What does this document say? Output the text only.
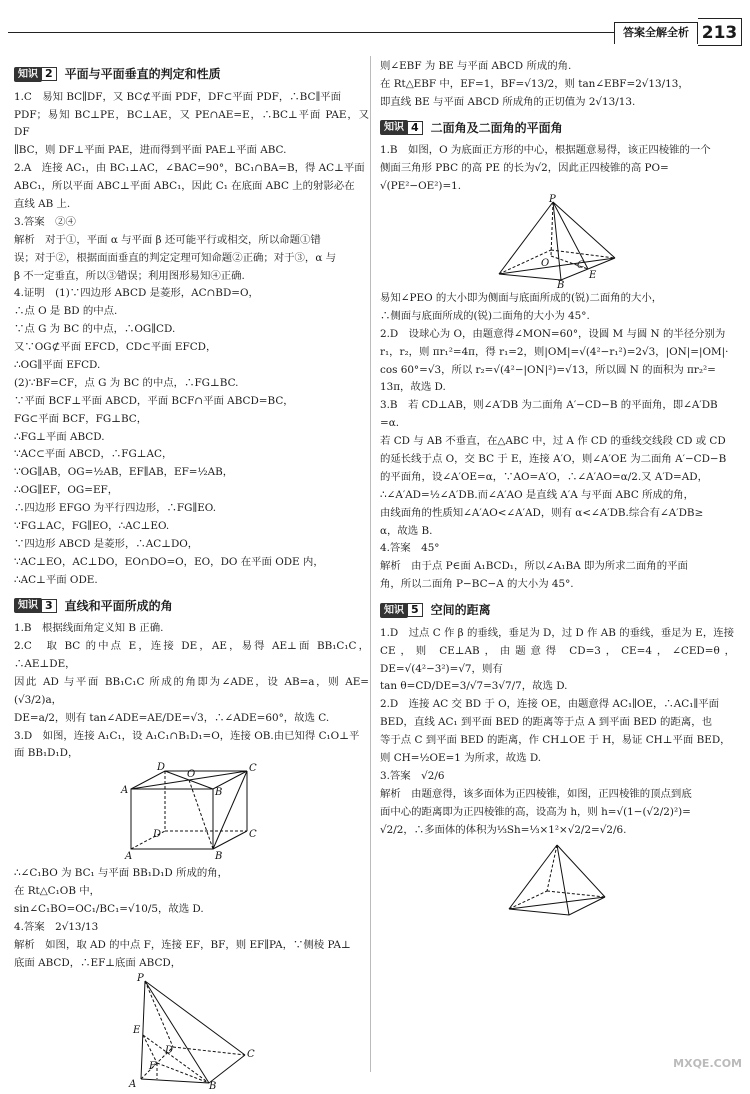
答案全解全析 213
知识 2	平面与平面垂直的判定和性质

1.C　易知 BC∥DF，又 BC⊄平面 PDF，DF⊂平面 PDF，∴BC∥平面

PDF；易知 BC⊥PE，BC⊥AE，又 PE∩AE=E，∴BC⊥平面 PAE，又 DF

∥BC，则 DF⊥平面 PAE，进而得到平面 PAE⊥平面 ABC.

2.A　连接 AC₁，由 BC₁⊥AC，∠BAC=90°，BC₁∩BA=B，得 AC⊥平面

ABC₁，所以平面 ABC⊥平面 ABC₁，因此 C₁ 在底面 ABC 上的射影必在

直线 AB 上.

3.答案　②④

解析　对于①，平面 α 与平面 β 还可能平行或相交，所以命题①错

误；对于②，根据面面垂直的判定定理可知命题②正确；对于③，α 与

β 不一定垂直，所以③错误；利用图形易知④正确.

4.证明　(1)∵四边形 ABCD 是菱形，AC∩BD=O，

∴点 O 是 BD 的中点.

∵点 G 为 BC 的中点，∴OG∥CD.

又∵OG⊄平面 EFCD，CD⊂平面 EFCD，

∴OG∥平面 EFCD.

(2)∵BF=CF，点 G 为 BC 的中点，∴FG⊥BC.

∵平面 BCF⊥平面 ABCD，平面 BCF∩平面 ABCD=BC，

FG⊂平面 BCF，FG⊥BC，

∴FG⊥平面 ABCD.

∵AC⊂平面 ABCD，∴FG⊥AC，

∵OG∥AB，OG=½AB，EF∥AB，EF=½AB，

∴OG∥EF，OG=EF，

∴四边形 EFGO 为平行四边形，∴FG∥EO.

∵FG⊥AC，FG∥EO，∴AC⊥EO.

∵四边形 ABCD 是菱形，∴AC⊥DO，

∵AC⊥EO，AC⊥DO，EO∩DO=O，EO，DO 在平面 ODE 内，

∴AC⊥平面 ODE.

知识 3	直线和平面所成的角

1.B　根据线面角定义知 B 正确.

2.C　取 BC 的中点 E，连接 DE，AE，易得 AE⊥面 BB₁C₁C，∴AE⊥DE，

因此 AD 与平面 BB₁C₁C 所成的角即为∠ADE，设 AB=a，则 AE=(√3/2)a，

DE=a/2，则有 tan∠ADE=AE/DE=√3，∴∠ADE=60°，故选 C.

3.D　如图，连接 A₁C₁，设 A₁C₁∩B₁D₁=O，连接 OB.由已知得 C₁O⊥平

面 BB₁D₁D，

D	C
A	B
O
A	B
D	C

∴∠C₁BO 为 BC₁ 与平面 BB₁D₁D 所成的角，

在 Rt△C₁OB 中，

sin∠C₁BO=OC₁/BC₁=√10/5，故选 D.

4.答案　2√13/13

解析　如图，取 AD 的中点 F，连接 EF，BF，则 EF∥PA，∵侧棱 PA⊥

底面 ABCD，∴EF⊥底面 ABCD，

P
E
F
D	C
A	B

则∠EBF 为 BE 与平面 ABCD 所成的角.

在 Rt△EBF 中，EF=1，BF=√13/2，则 tan∠EBF=2√13/13，

即直线 BE 与平面 ABCD 所成角的正切值为 2√13/13.

知识 4	二面角及二面角的平面角

1.B　如图，O 为底面正方形的中心，根据题意易得，该正四棱锥的一个

侧面三角形 PBC 的高 PE 的长为√2，因此正四棱锥的高 PO=

√(PE²−OE²)=1.

P
O
E
C
B

易知∠PEO 的大小即为侧面与底面所成的(锐)二面角的大小，

∴侧面与底面所成的(锐)二面角的大小为 45°.

2.D　设球心为 O，由题意得∠MON=60°，设圆 M 与圆 N 的半径分别为

r₁，r₂，则 πr₁²=4π，得 r₁=2，则|OM|=√(4²−r₁²)=2√3，|ON|=|OM|·

cos 60°=√3，所以 r₂=√(4²−|ON|²)=√13，所以圆 N 的面积为 πr₂²=

13π，故选 D.

3.B　若 CD⊥AB，则∠A′DB 为二面角 A′−CD−B 的平面角，即∠A′DB

=α.

若 CD 与 AB 不垂直，在△ABC 中，过 A 作 CD 的垂线交线段 CD 或 CD

的延长线于点 O，交 BC 于 E，连接 A′O，则∠A′OE 为二面角 A′−CD−B

的平面角，设∠A′OE=α，∵AO=A′O，∴∠A′AO=α/2.又 A′D=AD，

∴∠A′AD=½∠A′DB.而∠A′AO 是直线 A′A 与平面 ABC 所成的角，

由线面角的性质知∠A′AO<∠A′AD，则有 α<∠A′DB.综合有∠A′DB≥

α，故选 B.

4.答案　45°

解析　由于点 P∈面 A₁BCD₁，所以∠A₁BA 即为所求二面角的平面

角，所以二面角 P−BC−A 的大小为 45°.

知识 5	空间的距离

1.D　过点 C 作 β 的垂线，垂足为 D，过 D 作 AB 的垂线，垂足为 E，连接

CE，则 CE⊥AB，由题意得 CD=3，CE=4，∠CED=θ，DE=√(4²−3²)=√7，则有

tan θ=CD/DE=3/√7=3√7/7，故选 D.

2.D　连接 AC 交 BD 于 O，连接 OE，由题意得 AC₁∥OE，∴AC₁∥平面

BED，直线 AC₁ 到平面 BED 的距离等于点 A 到平面 BED 的距离，也

等于点 C 到平面 BED 的距离，作 CH⊥OE 于 H，易证 CH⊥平面 BED，

则 CH=½OE=1 为所求，故选 D.

3.答案　√2/6

解析　由题意得，该多面体为正四棱锥，如图，正四棱锥的顶点到底

面中心的距离即为正四棱锥的高，设高为 h，则 h=√(1−(√2/2)²)=

√2/2，∴多面体的体积为⅓Sh=⅓×1²×√2/2=√2/6.

MXQE.COM
